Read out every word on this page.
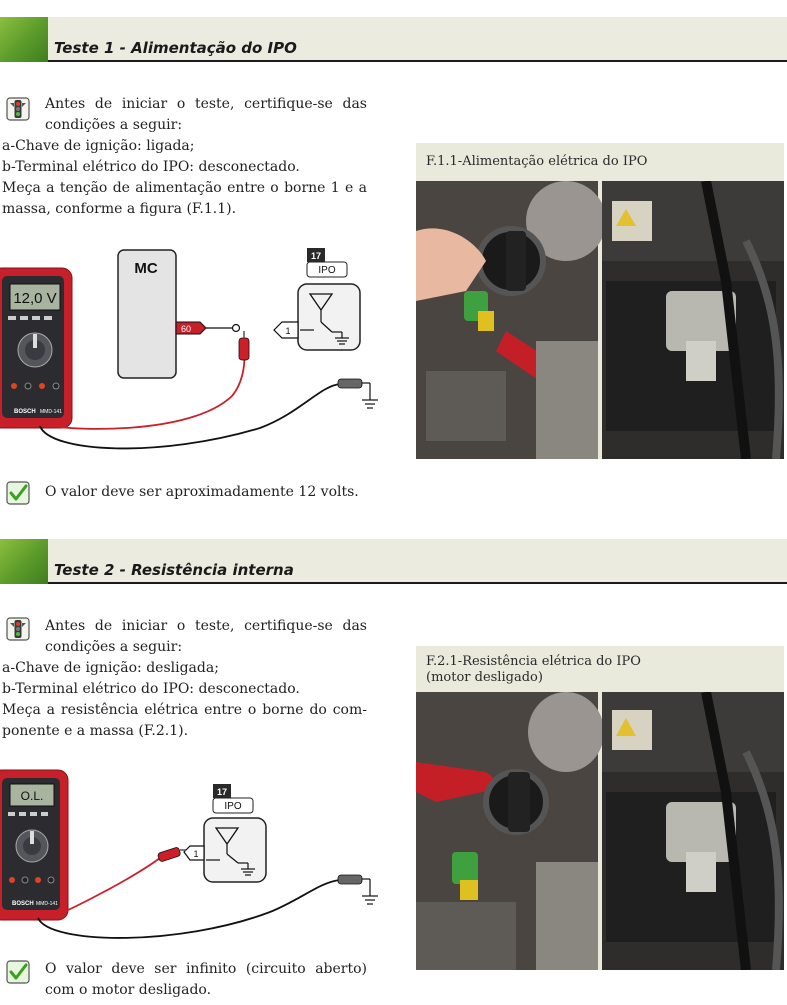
Teste 1 - Alimentação do IPO
Antes de iniciar o teste, certifique-se das
condições a seguir:
a-Chave de ignição: ligada;
b-Terminal elétrico do IPO: desconectado.
Meça a tenção de alimentação entre o borne 1 e a
massa, conforme a figura (F.1.1).
12,0 V
BOSCH MMD-141
MC
60
17
IPO
1
O valor deve ser aproximadamente 12 volts.
F.1.1-Alimentação elétrica do IPO
Teste 2 - Resistência interna
Antes de iniciar o teste, certifique-se das
condições a seguir:
a-Chave de ignição: desligada;
b-Terminal elétrico do IPO: desconectado.
Meça a resistência elétrica entre o borne do com-
ponente e a massa (F.2.1).
O.L.
BOSCH MMD-141
17
IPO
1
O valor deve ser infinito (circuito aberto)
com o motor desligado.
F.2.1-Resistência elétrica do IPO
(motor desligado)
